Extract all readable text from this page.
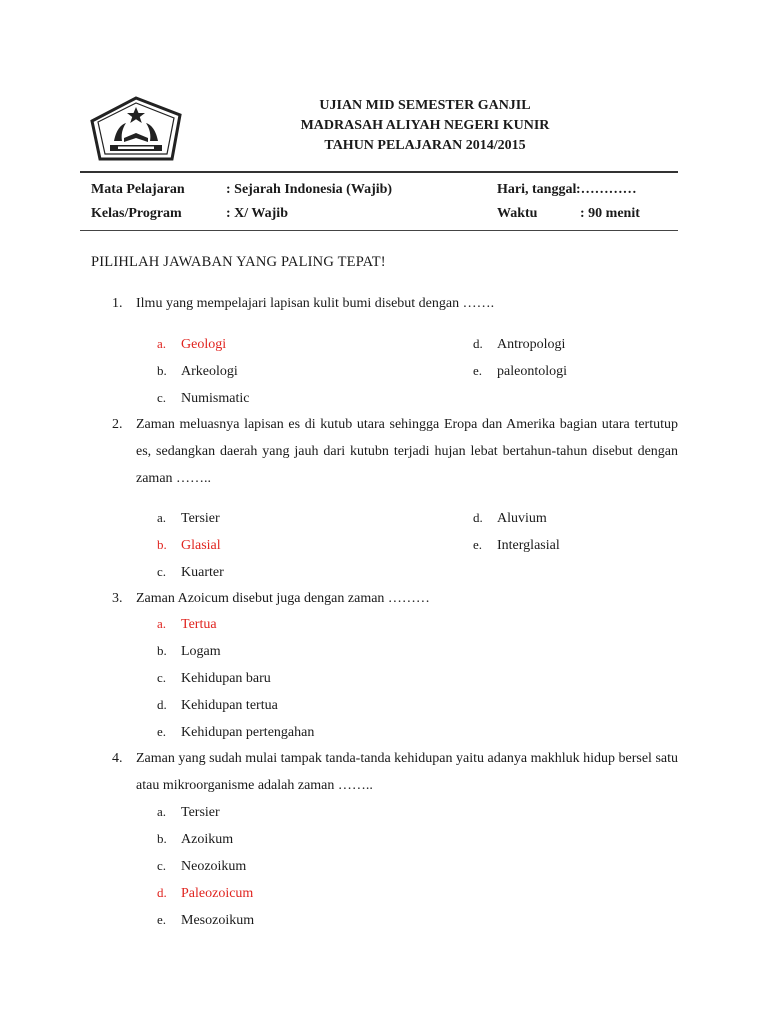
UJIAN MID SEMESTER GANJIL
MADRASAH ALIYAH NEGERI KUNIR
TAHUN PELAJARAN 2014/2015
Mata Pelajaran	: Sejarah Indonesia (Wajib)	Hari, tanggal :…………
Kelas/Program	: X/ Wajib	Waktu	: 90 menit
PILIHLAH JAWABAN YANG PALING TEPAT!
1. Ilmu yang mempelajari lapisan kulit bumi disebut dengan …….
a. Geologi
b. Arkeologi
c. Numismatic
d. Antropologi
e. paleontologi
2. Zaman meluasnya lapisan es di kutub utara sehingga Eropa dan Amerika bagian utara tertutup es, sedangkan daerah yang jauh dari kutubn terjadi hujan lebat bertahun-tahun disebut dengan zaman ……..
a. Tersier
b. Glasial
c. Kuarter
d. Aluvium
e. Interglasial
3. Zaman Azoicum disebut juga dengan zaman ………
a. Tertua
b. Logam
c. Kehidupan baru
d. Kehidupan tertua
e. Kehidupan pertengahan
4. Zaman yang sudah mulai tampak tanda-tanda kehidupan yaitu adanya makhluk hidup bersel satu atau mikroorganisme adalah zaman ……..
a. Tersier
b. Azoikum
c. Neozoikum
d. Paleozoicum
e. Mesozoikum
